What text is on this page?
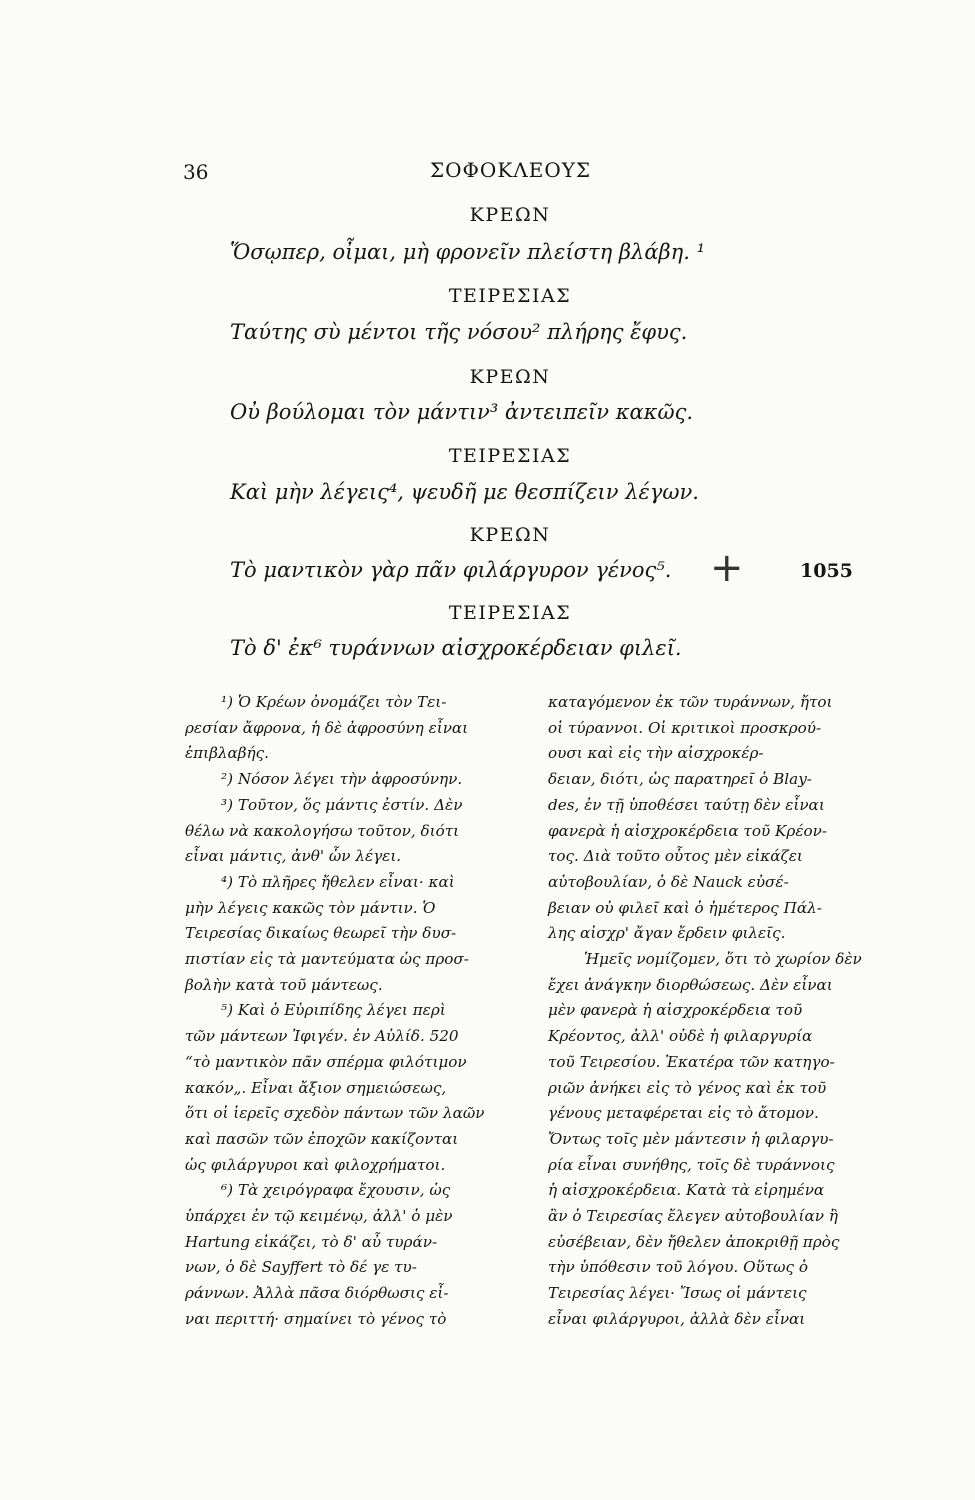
36	ΣΟΦΟΚΛΕΟΥΣ
ΚΡΕΩΝ
Ὅσῳπερ, οἶμαι, μὴ φρονεῖν πλείστη βλάβη. ¹
ΤΕΙΡΕΣΙΑΣ
Ταύτης σὺ μέντοι τῆς νόσου² πλήρης ἔφυς.
ΚΡΕΩΝ
Οὐ βούλομαι τὸν μάντιν³ ἀντειπεῖν κακῶς.
ΤΕΙΡΕΣΙΑΣ
Καὶ μὴν λέγεις⁴, ψευδῆ με θεσπίζειν λέγων.
ΚΡΕΩΝ
Τὸ μαντικὸν γὰρ πᾶν φιλάργυρον γένος⁵. +	1055
ΤΕΙΡΕΣΙΑΣ
Τὸ δ' ἐκ⁶ τυράννων αἰσχροκέρδειαν φιλεῖ.
¹) Ὁ Κρέων ὀνομάζει τὸν Τει-
ρεσίαν ἄφρονα, ἡ δὲ ἀφροσύνη εἶναι
ἐπιβλαβής.
²) Νόσον λέγει τὴν ἀφροσύνην.
³) Τοῦτον, ὅς μάντις ἐστίν. Δὲν
θέλω νὰ κακολογήσω τοῦτον, διότι
εἶναι μάντις, ἀνθ' ὧν λέγει.
⁴) Τὸ πλῆρες ἤθελεν εἶναι· καὶ
μὴν λέγεις κακῶς τὸν μάντιν. Ὁ
Τειρεσίας δικαίως θεωρεῖ τὴν δυσ-
πιστίαν εἰς τὰ μαντεύματα ὡς προσ-
βολὴν κατὰ τοῦ μάντεως.
⁵) Καὶ ὁ Εὐριπίδης λέγει περὶ
τῶν μάντεων Ἰφιγέν. ἐν Αὐλίδ. 520
“τὸ μαντικὸν πᾶν σπέρμα φιλότιμον
κακόν„. Εἶναι ἄξιον σημειώσεως,
ὅτι οἱ ἱερεῖς σχεδὸν πάντων τῶν λαῶν
καὶ πασῶν τῶν ἐποχῶν κακίζονται
ὡς φιλάργυροι καὶ φιλοχρήματοι.
⁶) Τὰ χειρόγραφα ἔχουσιν, ὡς
ὑπάρχει ἐν τῷ κειμένῳ, ἀλλ' ὁ μὲν
Hartung εἰκάζει, τὸ δ' αὖ τυράν-
νων, ὁ δὲ Sayffert τὸ δέ γε τυ-
ράννων. Ἀλλὰ πᾶσα διόρθωσις εἶ-
ναι περιττή· σημαίνει τὸ γένος τὸ
καταγόμενον ἐκ τῶν τυράννων, ἤτοι
οἱ τύραννοι. Οἱ κριτικοὶ προσκρού-
ουσι καὶ εἰς τὴν αἰσχροκέρ-
δειαν, διότι, ὡς παρατηρεῖ ὁ Blay-
des, ἐν τῇ ὑποθέσει ταύτῃ δὲν εἶναι
φανερὰ ἡ αἰσχροκέρδεια τοῦ Κρέον-
τος. Διὰ τοῦτο οὗτος μὲν εἰκάζει
αὐτοβουλίαν, ὁ δὲ Nauck εὐσέ-
βειαν οὐ φιλεῖ καὶ ὁ ἡμέτερος Πάλ-
λης αἰσχρ' ἄγαν ἔρδειν φιλεῖς.
Ἡμεῖς νομίζομεν, ὅτι τὸ χωρίον δὲν
ἔχει ἀνάγκην διορθώσεως. Δὲν εἶναι
μὲν φανερὰ ἡ αἰσχροκέρδεια τοῦ
Κρέοντος, ἀλλ' οὐδὲ ἡ φιλαργυρία
τοῦ Τειρεσίου. Ἑκατέρα τῶν κατηγο-
ριῶν ἀνήκει εἰς τὸ γένος καὶ ἐκ τοῦ
γένους μεταφέρεται εἰς τὸ ἄτομον.
Ὄντως τοῖς μὲν μάντεσιν ἡ φιλαργυ-
ρία εἶναι συνήθης, τοῖς δὲ τυράννοις
ἡ αἰσχροκέρδεια. Κατὰ τὰ εἰρημένα
ἂν ὁ Τειρεσίας ἔλεγεν αὐτοβουλίαν ἢ
εὐσέβειαν, δὲν ἤθελεν ἀποκριθῇ πρὸς
τὴν ὑπόθεσιν τοῦ λόγου. Οὕτως ὁ
Τειρεσίας λέγει· Ἴσως οἱ μάντεις
εἶναι φιλάργυροι, ἀλλὰ δὲν εἶναι
